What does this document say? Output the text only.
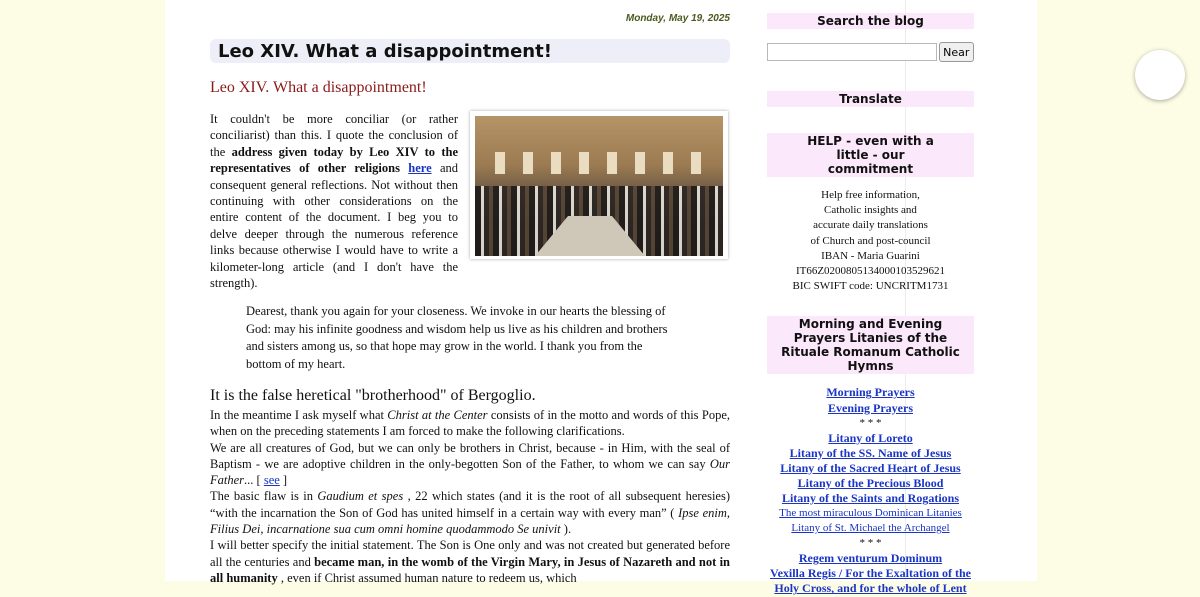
Monday, May 19, 2025
Leo XIV. What a disappointment!
Leo XIV. What a disappointment!
It couldn't be more conciliar (or rather conciliarist) than this. I quote the conclusion of the address given today by Leo XIV to the representatives of other religions here and consequent general reflections. Not without then continuing with other considerations on the entire content of the document. I beg you to delve deeper through the numerous reference links because otherwise I would have to write a kilometer-long article (and I don't have the strength).
Dearest, thank you again for your closeness. We invoke in our hearts the blessing of God: may his infinite goodness and wisdom help us live as his children and brothers and sisters among us, so that hope may grow in the world. I thank you from the bottom of my heart.
It is the false heretical "brotherhood" of Bergoglio.
In the meantime I ask myself what Christ at the Center consists of in the motto and words of this Pope, when on the preceding statements I am forced to make the following clarifications.
We are all creatures of God, but we can only be brothers in Christ, because - in Him, with the seal of Baptism - we are adoptive children in the only-begotten Son of the Father, to whom we can say Our Father... [ see ]
The basic flaw is in Gaudium et spes , 22 which states (and it is the root of all subsequent heresies) “with the incarnation the Son of God has united himself in a certain way with every man” ( Ipse enim, Filius Dei, incarnatione sua cum omni homine quodammodo Se univit ).
I will better specify the initial statement. The Son is One only and was not created but generated before all the centuries and became man, in the womb of the Virgin Mary, in Jesus of Nazareth and not in all humanity , even if Christ assumed human nature to redeem us, which
Search the blog
Near
Translate
HELP - even with a little - our commitment
Help free information,
Catholic insights and
accurate daily translations
of Church and post-council
IBAN - Maria Guarini
IT66Z0200805134000103529621
BIC SWIFT code: UNCRITM1731
Morning and Evening Prayers Litanies of the Rituale Romanum Catholic Hymns
Morning Prayers
Evening Prayers
* * *
Litany of Loreto
Litany of the SS. Name of Jesus
Litany of the Sacred Heart of Jesus
Litany of the Precious Blood
Litany of the Saints and Rogations
The most miraculous Dominican Litanies
Litany of St. Michael the Archangel
* * *
Regem venturum Dominum
Vexilla Regis / For the Exaltation of the Holy Cross, and for the whole of Lent
